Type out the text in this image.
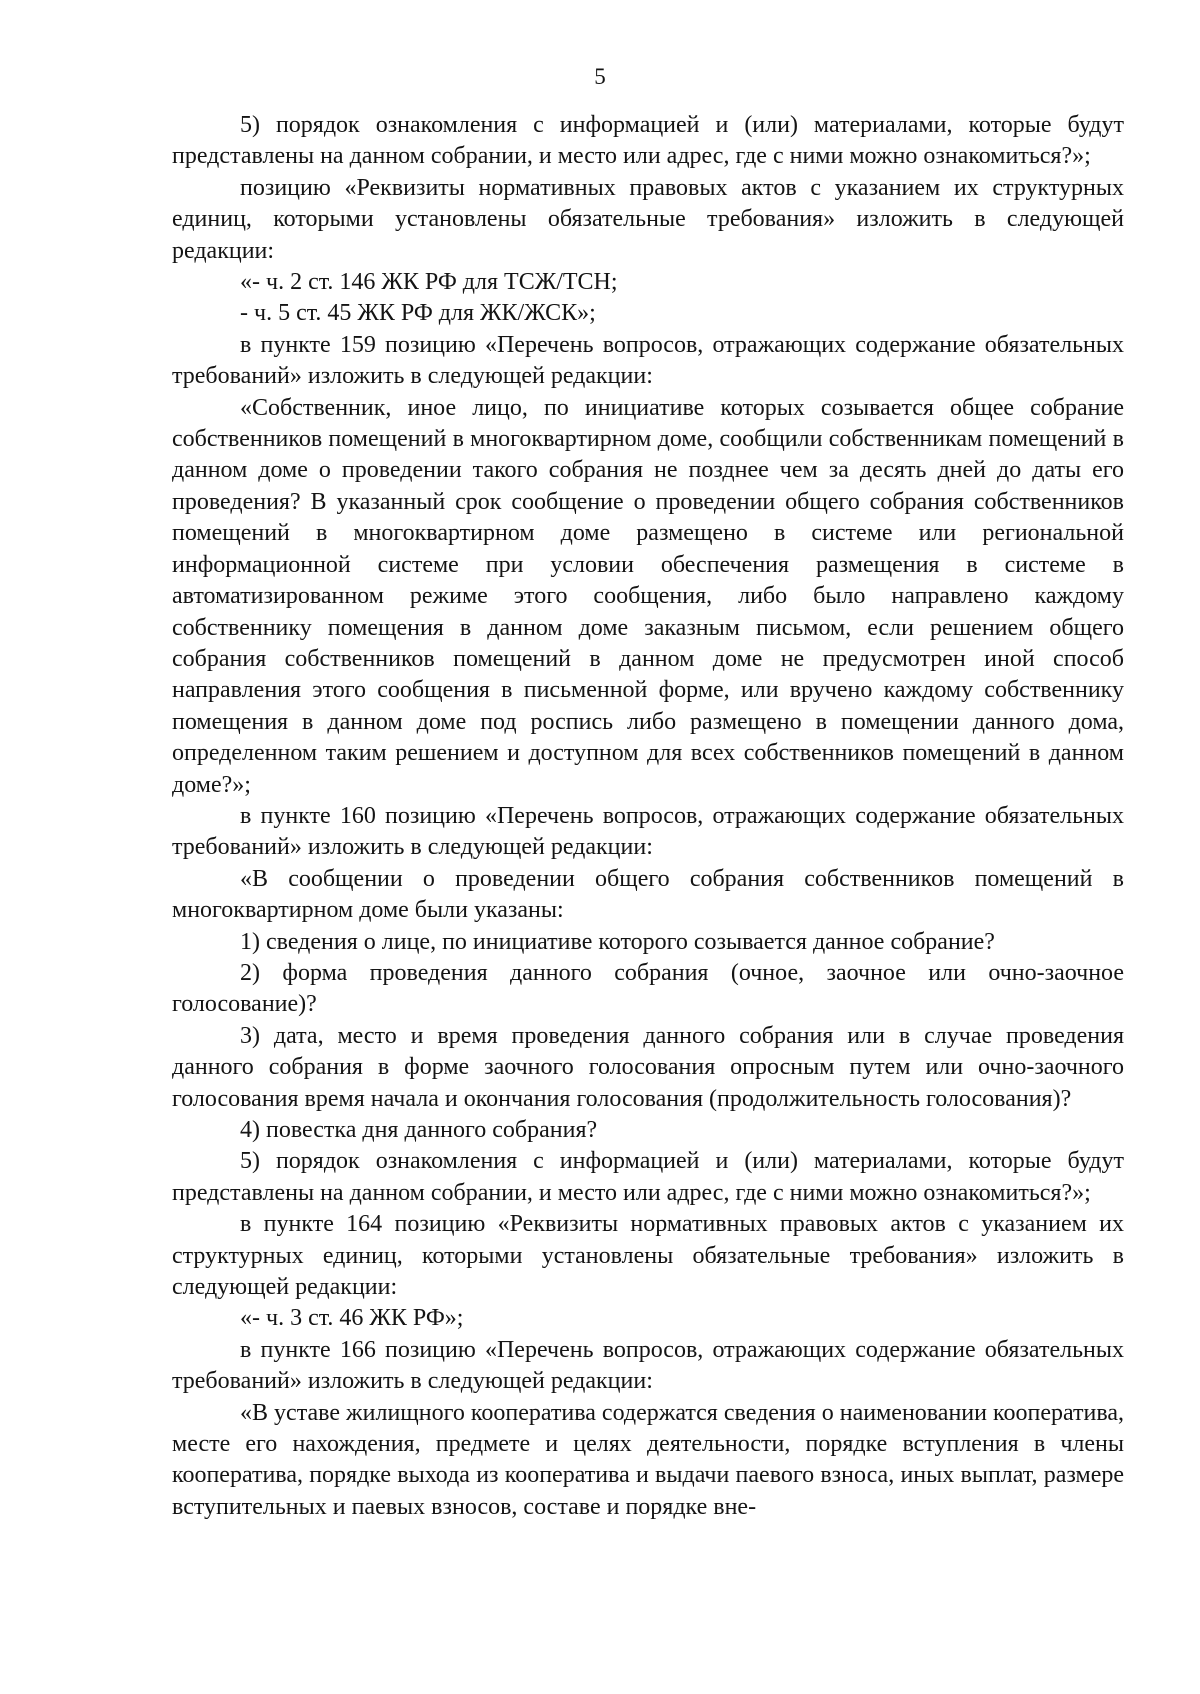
5

5) порядок ознакомления с информацией и (или) материалами, которые будут представлены на данном собрании, и место или адрес, где с ними можно ознакомиться?»;

позицию «Реквизиты нормативных правовых актов с указанием их структурных единиц, которыми установлены обязательные требования» изложить в следующей редакции:

«- ч. 2 ст. 146 ЖК РФ для ТСЖ/ТСН;

- ч. 5 ст. 45 ЖК РФ для ЖК/ЖСК»;

в пункте 159 позицию «Перечень вопросов, отражающих содержание обязательных требований» изложить в следующей редакции:

«Собственник, иное лицо, по инициативе которых созывается общее собрание собственников помещений в многоквартирном доме, сообщили собственникам помещений в данном доме о проведении такого собрания не позднее чем за десять дней до даты его проведения? В указанный срок сообщение о проведении общего собрания собственников помещений в многоквартирном доме размещено в системе или региональной информационной системе при условии обеспечения размещения в системе в автоматизированном режиме этого сообщения, либо было направлено каждому собственнику помещения в данном доме заказным письмом, если решением общего собрания собственников помещений в данном доме не предусмотрен иной способ направления этого сообщения в письменной форме, или вручено каждому собственнику помещения в данном доме под роспись либо размещено в помещении данного дома, определенном таким решением и доступном для всех собственников помещений в данном доме?»;

в пункте 160 позицию «Перечень вопросов, отражающих содержание обязательных требований» изложить в следующей редакции:

«В сообщении о проведении общего собрания собственников помещений в многоквартирном доме были указаны:

1) сведения о лице, по инициативе которого созывается данное собрание?

2) форма проведения данного собрания (очное, заочное или очно-заочное голосование)?

3) дата, место и время проведения данного собрания или в случае проведения данного собрания в форме заочного голосования опросным путем или очно-заочного голосования время начала и окончания голосования (продолжительность голосования)?

4) повестка дня данного собрания?

5) порядок ознакомления с информацией и (или) материалами, которые будут представлены на данном собрании, и место или адрес, где с ними можно ознакомиться?»;

в пункте 164 позицию «Реквизиты нормативных правовых актов с указанием их структурных единиц, которыми установлены обязательные требования» изложить в следующей редакции:

«- ч. 3 ст. 46 ЖК РФ»;

в пункте 166 позицию «Перечень вопросов, отражающих содержание обязательных требований» изложить в следующей редакции:

«В уставе жилищного кооператива содержатся сведения о наименовании кооператива, месте его нахождения, предмете и целях деятельности, порядке вступления в члены кооператива, порядке выхода из кооператива и выдачи паевого взноса, иных выплат, размере вступительных и паевых взносов, составе и порядке вне-
